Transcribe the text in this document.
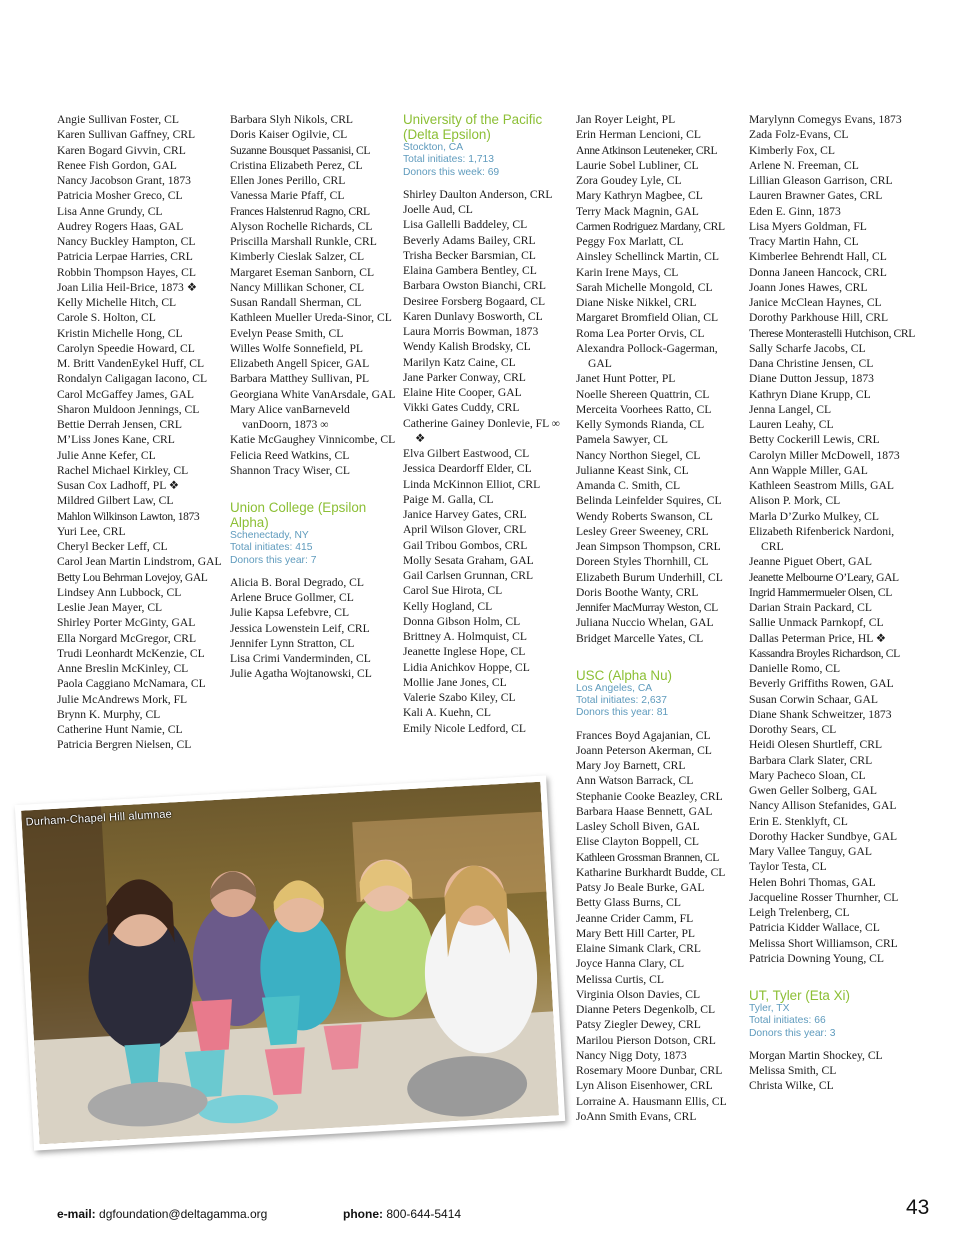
Angie Sullivan Foster, CL
Karen Sullivan Gaffney, CRL
Karen Bogard Givvin, CRL
Renee Fish Gordon, GAL
Nancy Jacobson Grant, 1873
Patricia Mosher Greco, CL
Lisa Anne Grundy, CL
Audrey Rogers Haas, GAL
Nancy Buckley Hampton, CL
Patricia Lerpae Harries, CRL
Robbin Thompson Hayes, CL
Joan Lilia Heil-Brice, 1873 ❖
Kelly Michelle Hitch, CL
Carole S. Holton, CL
Kristin Michelle Hong, CL
Carolyn Speedie Howard, CL
M. Britt VandenEykel Huff, CL
Rondalyn Caligagan Iacono, CL
Carol McGaffey James, GAL
Sharon Muldoon Jennings, CL
Bettie Derrah Jensen, CRL
M’Liss Jones Kane, CRL
Julie Anne Kefer, CL
Rachel Michael Kirkley, CL
Susan Cox Ladhoff, PL ❖
Mildred Gilbert Law, CL
Mahlon Wilkinson Lawton, 1873
Yuri Lee, CRL
Cheryl Becker Leff, CL
Carol Jean Martin Lindstrom, GAL
Betty Lou Behrman Lovejoy, GAL
Lindsey Ann Lubbock, CL
Leslie Jean Mayer, CL
Shirley Porter McGinty, GAL
Ella Norgard McGregor, CRL
Trudi Leonhardt McKenzie, CL
Anne Breslin McKinley, CL
Paola Caggiano McNamara, CL
Julie McAndrews Mork, FL
Brynn K. Murphy, CL
Catherine Hunt Namie, CL
Patricia Bergren Nielsen, CL
Barbara Slyh Nikols, CRL
Doris Kaiser Ogilvie, CL
Suzanne Bousquet Passanisi, CL
Cristina Elizabeth Perez, CL
Ellen Jones Perillo, CRL
Vanessa Marie Pfaff, CL
Frances Halstenrud Ragno, CRL
Alyson Rochelle Richards, CL
Priscilla Marshall Runkle, CRL
Kimberly Cieslak Salzer, CL
Margaret Eseman Sanborn, CL
Nancy Millikan Schoner, CL
Susan Randall Sherman, CL
Kathleen Mueller Ureda-Sinor, CL
Evelyn Pease Smith, CL
Willes Wolfe Sonnefield, PL
Elizabeth Angell Spicer, GAL
Barbara Matthey Sullivan, PL
Georgiana White VanArsdale, GAL
Mary Alice vanBarneveld vanDoorn, 1873 ∞
Katie McGaughey Vinnicombe, CL
Felicia Reed Watkins, CL
Shannon Tracy Wiser, CL
Union College (Epsilon Alpha)
Schenectady, NY
Total initiates: 415
Donors this year: 7
Alicia B. Boral Degrado, CL
Arlene Bruce Gollmer, CL
Julie Kapsa Lefebvre, CL
Jessica Lowenstein Leif, CRL
Jennifer Lynn Stratton, CL
Lisa Crimi Vanderminden, CL
Julie Agatha Wojtanowski, CL
University of the Pacific (Delta Epsilon)
Stockton, CA
Total initiates: 1,713
Donors this week: 69
Shirley Daulton Anderson, CRL
Joelle Aud, CL
Lisa Gallelli Baddeley, CL
Beverly Adams Bailey, CRL
Trisha Becker Barsmian, CL
Elaina Gambera Bentley, CL
Barbara Owston Bianchi, CRL
Desiree Forsberg Bogaard, CL
Karen Dunlavy Bosworth, CL
Laura Morris Bowman, 1873
Wendy Kalish Brodsky, CL
Marilyn Katz Caine, CL
Jane Parker Conway, CRL
Elaine Hite Cooper, GAL
Vikki Gates Cuddy, CRL
Catherine Gainey Donlevie, FL ∞ ❖
Elva Gilbert Eastwood, CL
Jessica Deardorff Elder, CL
Linda McKinnon Elliot, CRL
Paige M. Galla, CL
Janice Harvey Gates, CRL
April Wilson Glover, CRL
Gail Tribou Gombos, CRL
Molly Sesata Graham, GAL
Gail Carlsen Grunnan, CRL
Carol Sue Hirota, CL
Kelly Hogland, CL
Donna Gibson Holm, CL
Brittney A. Holmquist, CL
Jeanette Inglese Hope, CL
Lidia Anichkov Hoppe, CL
Mollie Jane Jones, CL
Valerie Szabo Kiley, CL
Kali A. Kuehn, CL
Emily Nicole Ledford, CL
Jan Royer Leight, PL
Erin Herman Lencioni, CL
Anne Atkinson Leuteneker, CRL
Laurie Sobel Lubliner, CL
Zora Goudey Lyle, CL
Mary Kathryn Magbee, CL
Terry Mack Magnin, GAL
Carmen Rodriguez Mardany, CRL
Peggy Fox Marlatt, CL
Ainsley Schellinck Martin, CL
Karin Irene Mays, CL
Sarah Michelle Mongold, CL
Diane Niske Nikkel, CRL
Margaret Bromfield Olian, CL
Roma Lea Porter Orvis, CL
Alexandra Pollock-Gagerman, GAL
Janet Hunt Potter, PL
Noelle Shereen Quattrin, CL
Merceita Voorhees Ratto, CL
Kelly Symonds Rianda, CL
Pamela Sawyer, CL
Nancy Northon Siegel, CL
Julianne Keast Sink, CL
Amanda C. Smith, CL
Belinda Leinfelder Squires, CL
Wendy Roberts Swanson, CL
Lesley Greer Sweeney, CRL
Jean Simpson Thompson, CRL
Doreen Styles Thornhill, CL
Elizabeth Burum Underhill, CL
Doris Boothe Wanty, CRL
Jennifer MacMurray Weston, CL
Juliana Nuccio Whelan, GAL
Bridget Marcelle Yates, CL
USC (Alpha Nu)
Los Angeles, CA
Total initiates: 2,637
Donors this year: 81
Frances Boyd Agajanian, CL
Joann Peterson Akerman, CL
Mary Joy Barnett, CRL
Ann Watson Barrack, CL
Stephanie Cooke Beazley, CRL
Barbara Haase Bennett, GAL
Lasley Scholl Biven, GAL
Elise Clayton Boppell, CL
Kathleen Grossman Brannen, CL
Katharine Burkhardt Budde, CL
Patsy Jo Beale Burke, GAL
Betty Glass Burns, CL
Jeanne Crider Camm, FL
Mary Bett Hill Carter, PL
Elaine Simank Clark, CRL
Joyce Hanna Clary, CL
Melissa Curtis, CL
Virginia Olson Davies, CL
Dianne Peters Degenkolb, CL
Patsy Ziegler Dewey, CRL
Marilou Pierson Dotson, CRL
Nancy Nigg Doty, 1873
Rosemary Moore Dunbar, CRL
Lyn Alison Eisenhower, CRL
Lorraine A. Hausmann Ellis, CL
JoAnn Smith Evans, CRL
Marylynn Comegys Evans, 1873
Zada Folz-Evans, CL
Kimberly Fox, CL
Arlene N. Freeman, CL
Lillian Gleason Garrison, CRL
Lauren Brawner Gates, CRL
Eden E. Ginn, 1873
Lisa Myers Goldman, FL
Tracy Martin Hahn, CL
Kimberlee Behrendt Hall, CL
Donna Janeen Hancock, CRL
Joann Jones Hawes, CRL
Janice McClean Haynes, CL
Dorothy Parkhouse Hill, CRL
Therese Monterastelli Hutchison, CRL
Sally Scharfe Jacobs, CL
Dana Christine Jensen, CL
Diane Dutton Jessup, 1873
Kathryn Diane Krupp, CL
Jenna Langel, CL
Lauren Leahy, CL
Betty Cockerill Lewis, CRL
Carolyn Miller McDowell, 1873
Ann Wapple Miller, GAL
Kathleen Seastrom Mills, GAL
Alison P. Mork, CL
Marla D’Zurko Mulkey, CL
Elizabeth Rifenberick Nardoni, CRL
Jeanne Piguet Obert, GAL
Jeanette Melbourne O’Leary, GAL
Ingrid Hammermueler Olsen, CL
Darian Strain Packard, CL
Sallie Unmack Parnkopf, CL
Dallas Peterman Price, HL ❖
Kassandra Broyles Richardson, CL
Danielle Romo, CL
Beverly Griffiths Rowen, GAL
Susan Corwin Schaar, GAL
Diane Shank Schweitzer, 1873
Dorothy Sears, CL
Heidi Olesen Shurtleff, CRL
Barbara Clark Slater, CRL
Mary Pacheco Sloan, CL
Gwen Geller Solberg, GAL
Nancy Allison Stefanides, GAL
Erin E. Stenklyft, CL
Dorothy Hacker Sundbye, GAL
Mary Vallee Tanguy, GAL
Taylor Testa, CL
Helen Bohri Thomas, GAL
Jacqueline Rosser Thurnher, CL
Leigh Trelenberg, CL
Patricia Kidder Wallace, CL
Melissa Short Williamson, CRL
Patricia Downing Young, CL
UT, Tyler (Eta Xi)
Tyler, TX
Total initiates: 66
Donors this year: 3
Morgan Martin Shockey, CL
Melissa Smith, CL
Christa Wilke, CL
Durham-Chapel Hill alumnae
e-mail: dgfoundation@deltagamma.org	phone: 800-644-5414	43
